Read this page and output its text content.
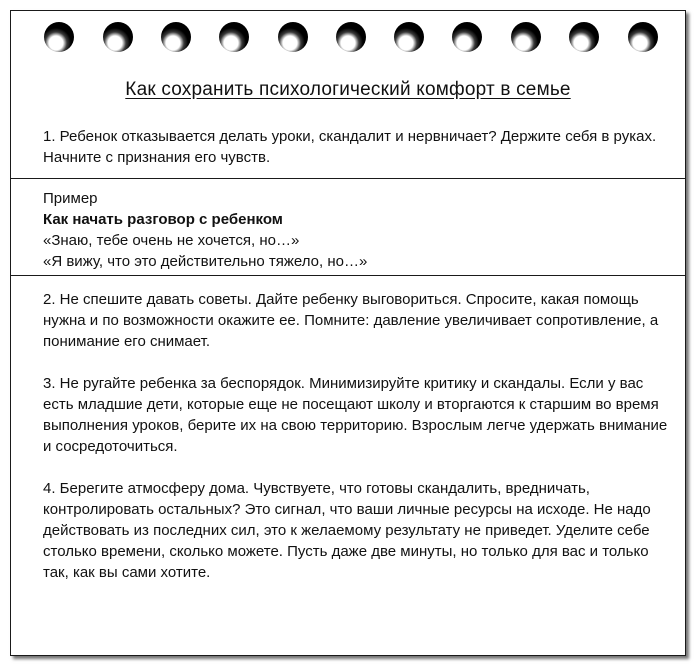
Как сохранить психологический комфорт в семье

1. Ребенок отказывается делать уроки, скандалит и нервничает? Держите себя в руках. Начните с признания его чувств.

Пример

Как начать разговор с ребенком

«Знаю, тебе очень не хочется, но…»

«Я вижу, что это действительно тяжело, но…»

2. Не спешите давать советы. Дайте ребенку выговориться. Спросите, какая помощь нужна и по возможности окажите ее. Помните: давление увеличивает сопротивление, а понимание его снимает.

3. Не ругайте ребенка за беспорядок. Минимизируйте критику и скандалы. Если у вас есть младшие дети, которые еще не посещают школу и вторгаются к старшим во время выполнения уроков, берите их на свою территорию. Взрослым легче удержать внимание и сосредоточиться.

4. Берегите атмосферу дома. Чувствуете, что готовы скандалить, вредничать, контролировать остальных? Это сигнал, что ваши личные ресурсы на исходе. Не надо действовать из последних сил, это к желаемому результату не приведет. Уделите себе столько времени, сколько можете. Пусть даже две минуты, но только для вас и только так, как вы сами хотите.
